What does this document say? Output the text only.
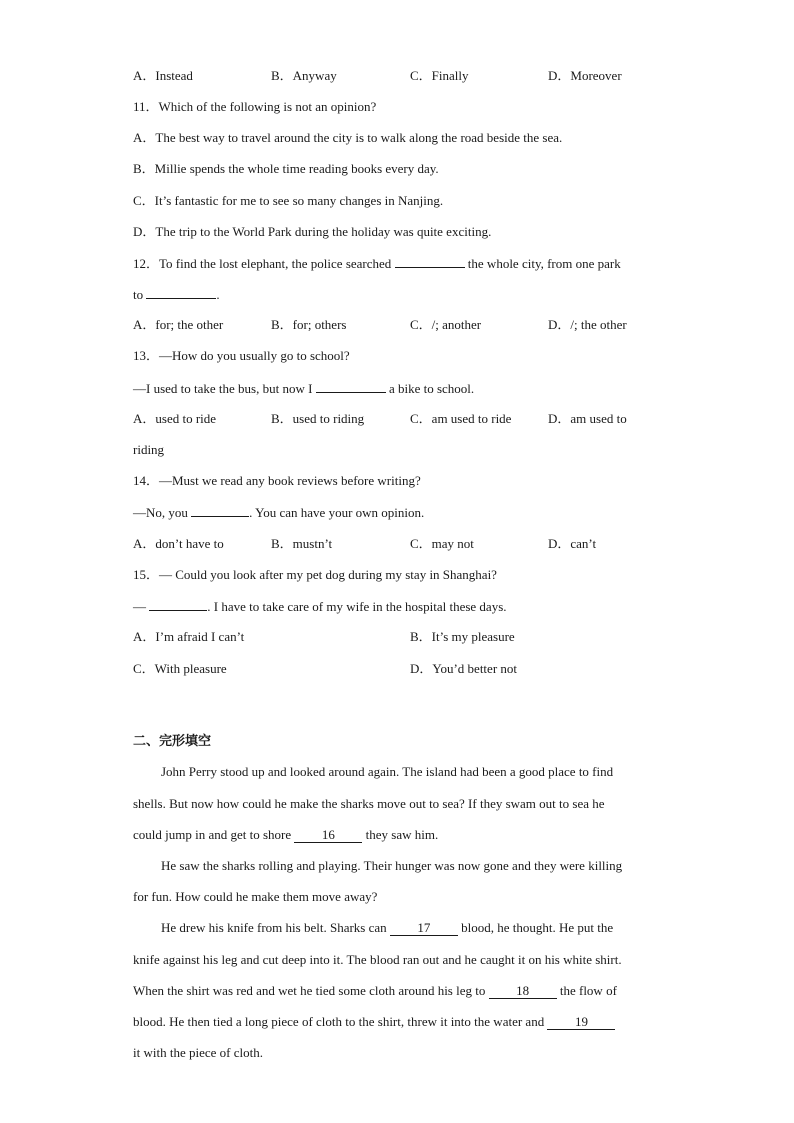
A．Instead	B．Anyway	C．Finally	D．Moreover
11．Which of the following is not an opinion?
A．The best way to travel around the city is to walk along the road beside the sea.
B．Millie spends the whole time reading books every day.
C．It’s fantastic for me to see so many changes in Nanjing.
D．The trip to the World Park during the holiday was quite exciting.
12．To find the lost elephant, the police searched	the whole city, from one park
to	.
A．for; the other	B．for; others	C．/; another	D．/; the other
13．—How do you usually go to school?
—I used to take the bus, but now I	a bike to school.
A．used to ride	B．used to riding	C．am used to ride	D．am used to
riding
14．—Must we read any book reviews before writing?
—No, you	. You can have your own opinion.
A．don’t have to	B．mustn’t	C．may not	D．can’t
15．— Could you look after my pet dog during my stay in Shanghai?
—	. I have to take care of my wife in the hospital these days.
A．I’m afraid I can’t	B．It’s my pleasure
C．With pleasure	D．You’d better not
二、完形填空
John Perry stood up and looked around again. The island had been a good place to find
shells. But now how could he make the sharks move out to sea? If they swam out to sea he
could jump in and get to shore 16 they saw him.
He saw the sharks rolling and playing. Their hunger was now gone and they were killing
for fun. How could he make them move away?
He drew his knife from his belt. Sharks can 17 blood, he thought. He put the
knife against his leg and cut deep into it. The blood ran out and he caught it on his white shirt.
When the shirt was red and wet he tied some cloth around his leg to 18 the flow of
blood. He then tied a long piece of cloth to the shirt, threw it into the water and 19
it with the piece of cloth.
